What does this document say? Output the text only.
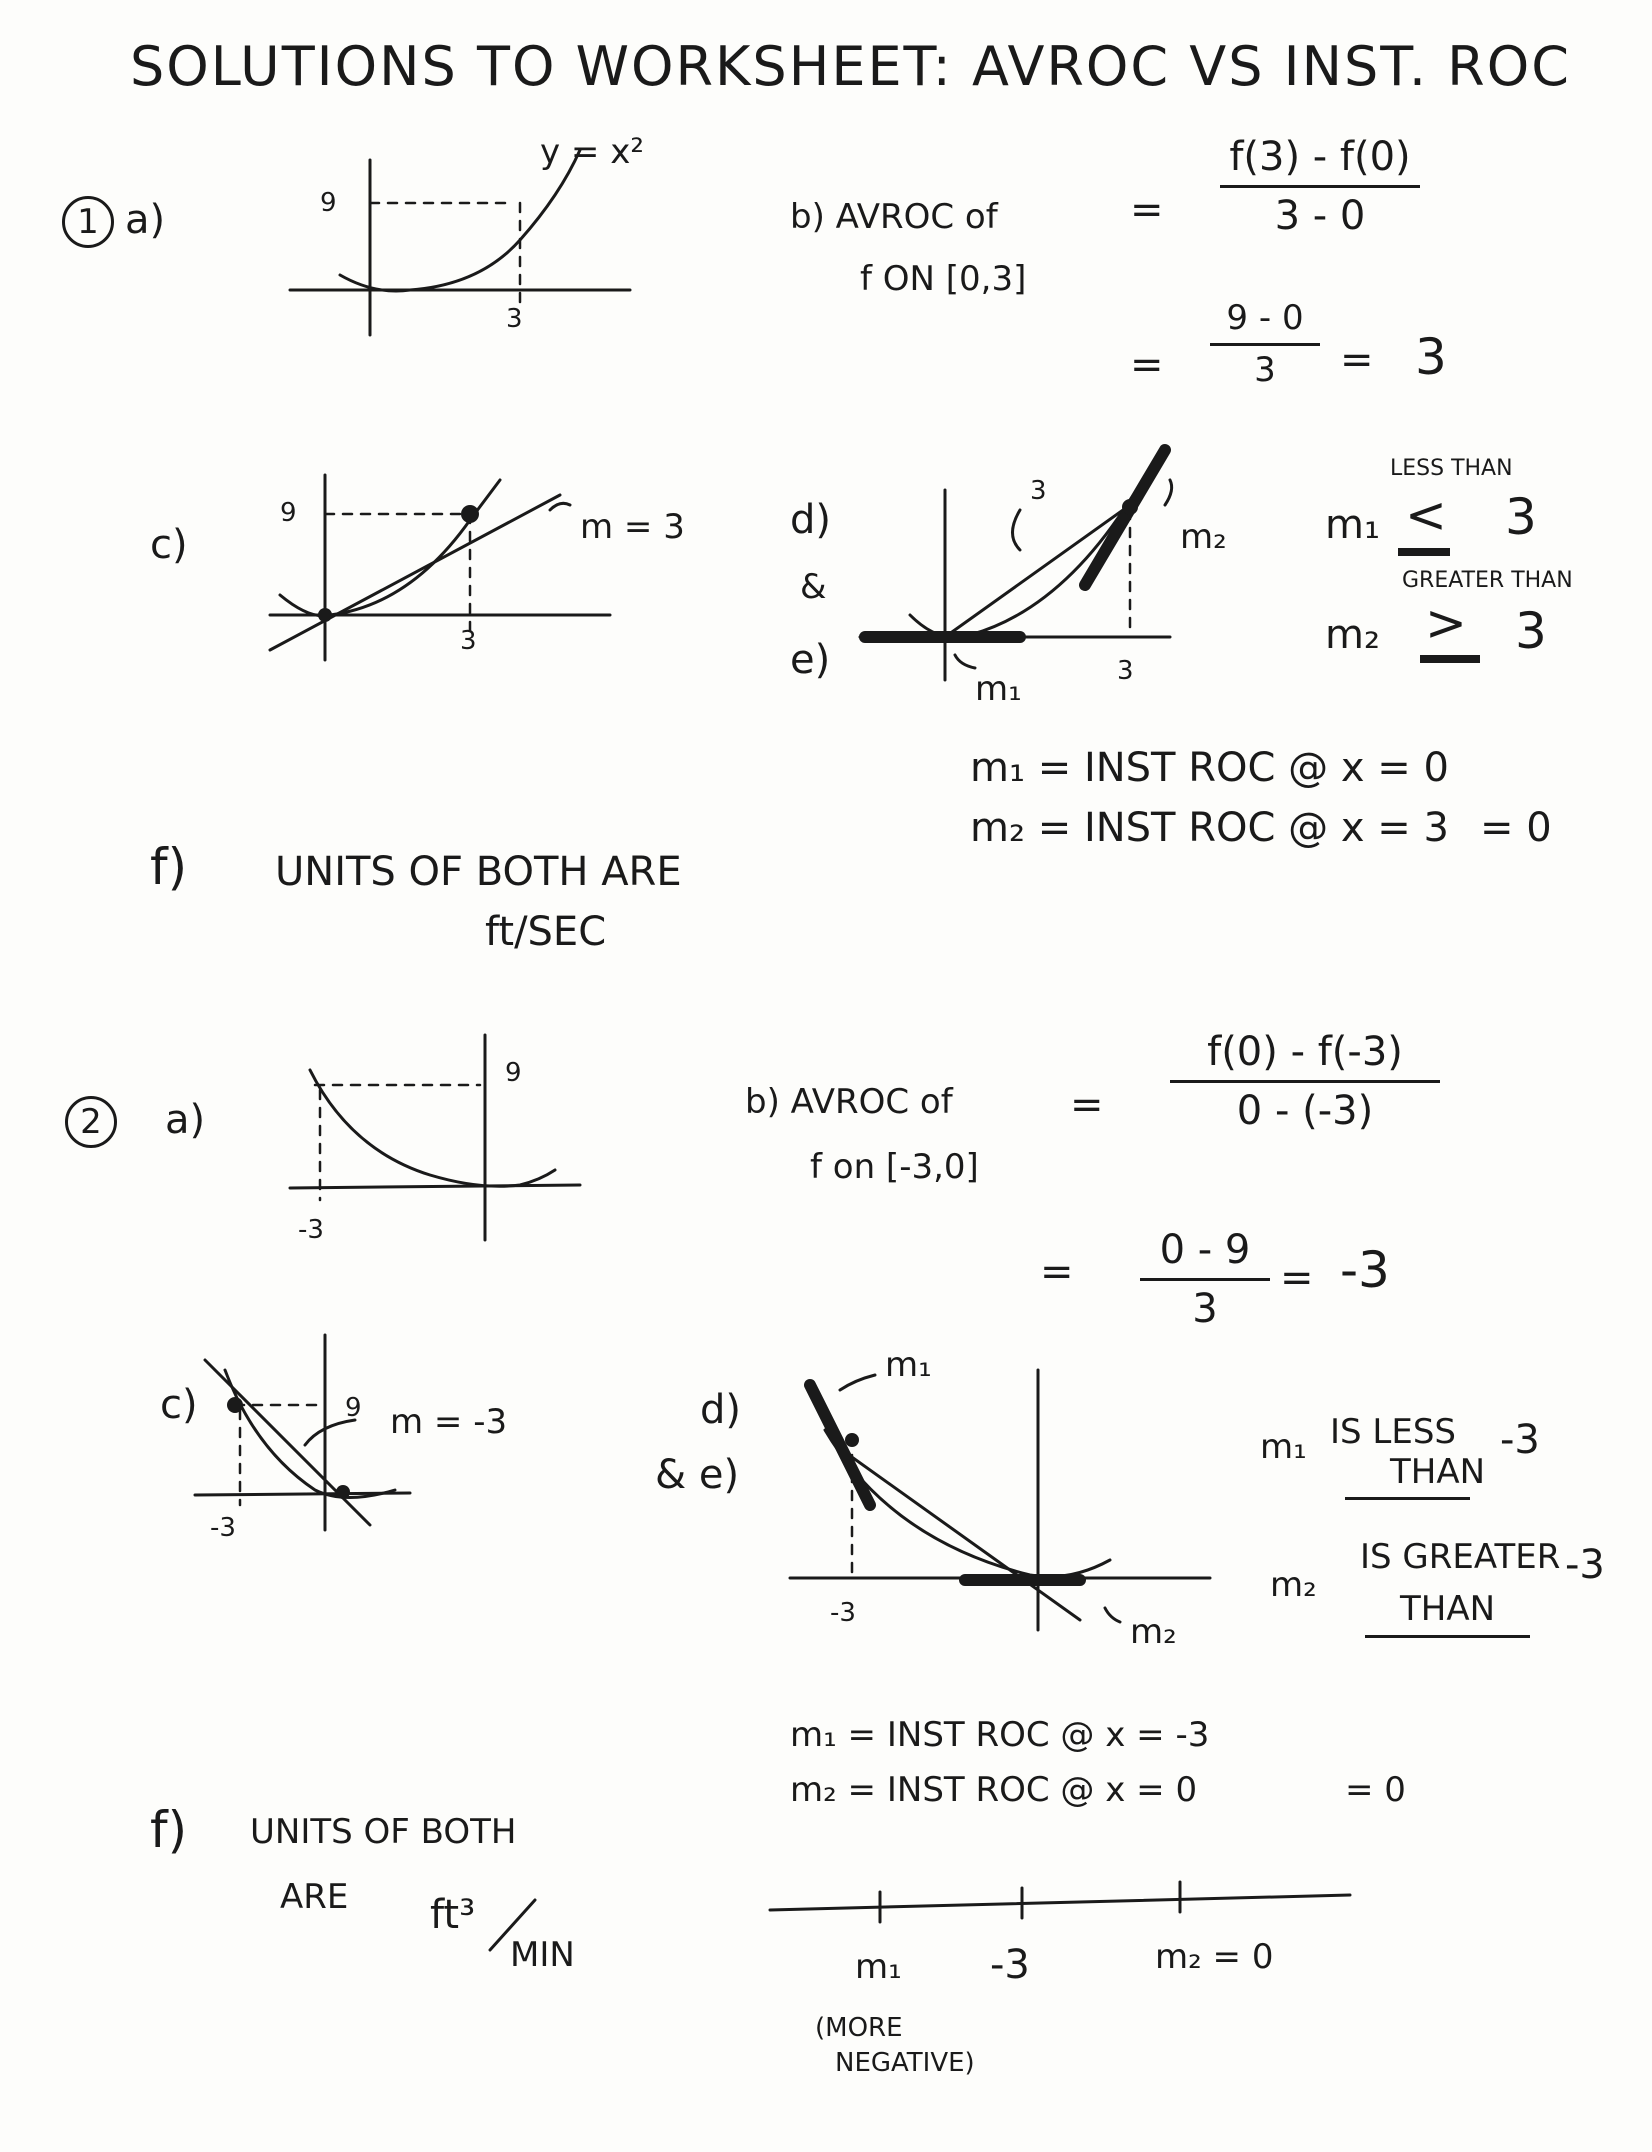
SOLUTIONS TO WORKSHEET: AVROC VS INST. ROC
1 a)	9
3
y = x²
b) AVROC of
f ON [0,3]
=
f(3) - f(0)
3 - 0
=
9 - 0
3	= 3
c)
9
3
m = 3	d)
&
e)
3
3
m₁
m₂
LESS THAN
m₁ < 3
GREATER THAN
m₂ > 3
m₁ = INST ROC @ x = 0
m₂ = INST ROC @ x = 3 = 0
f) UNITS OF BOTH ARE
ft/SEC
2	a)
9
-3
b) AVROC of
f on [-3,0]
=
f(0) - f(-3)
0 - (-3)
=	0 - 9
3
= -3
c)	9
-3
m = -3	d)
& e)
-3
m₁
m₂
m₁ IS LESS
THAN
-3
m₂
IS GREATER
THAN
-3
m₁ = INST ROC @ x = -3
m₂ = INST ROC @ x = 0	= 0
f) UNITS OF BOTH
ARE ft³
MIN	m₁ -3	m₂ = 0
(MORE
NEGATIVE)
